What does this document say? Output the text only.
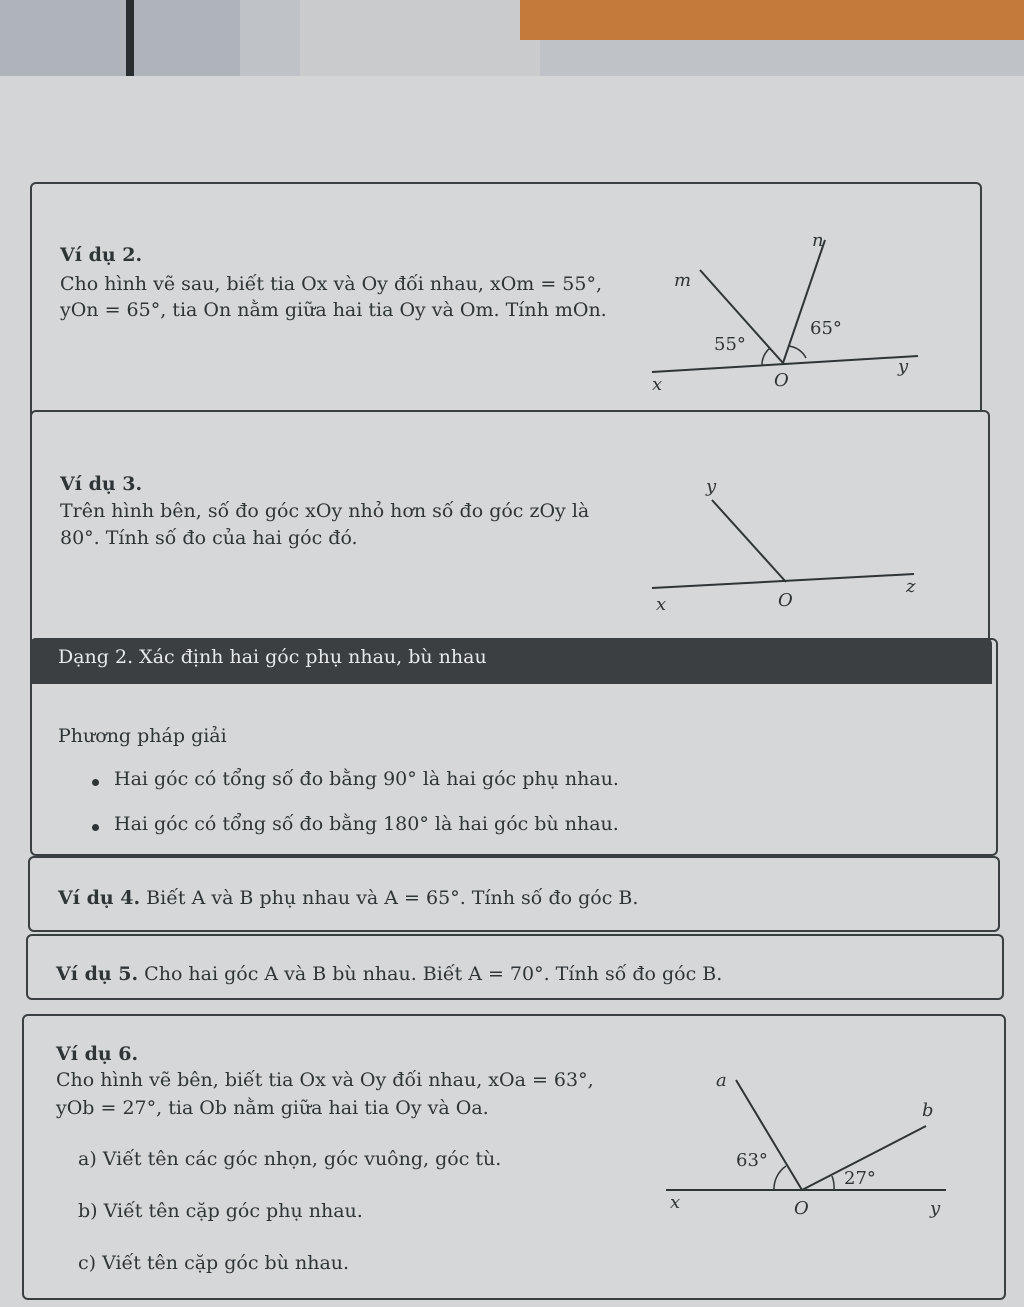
Ví dụ 2.
Cho hình vẽ sau, biết tia Ox và Oy đối nhau, xOm = 55°,
yOn = 65°, tia On nằm giữa hai tia Oy và Om. Tính mOn.
m
n
x	O
y
55°
65°
Ví dụ 3.
Trên hình bên, số đo góc xOy nhỏ hơn số đo góc zOy là
80°. Tính số đo của hai góc đó.
y
x	O
z
Dạng 2. Xác định hai góc phụ nhau, bù nhau
Phương pháp giải
Hai góc có tổng số đo bằng 90° là hai góc phụ nhau.
Hai góc có tổng số đo bằng 180° là hai góc bù nhau.
Ví dụ 4. Biết A và B phụ nhau và A = 65°. Tính số đo góc B.
Ví dụ 5. Cho hai góc A và B bù nhau. Biết A = 70°. Tính số đo góc B.
Ví dụ 6.
Cho hình vẽ bên, biết tia Ox và Oy đối nhau, xOa = 63°,
yOb = 27°, tia Ob nằm giữa hai tia Oy và Oa.
a) Viết tên các góc nhọn, góc vuông, góc tù.
b) Viết tên cặp góc phụ nhau.
c) Viết tên cặp góc bù nhau.
a
b
x	O	y
63°
27°
